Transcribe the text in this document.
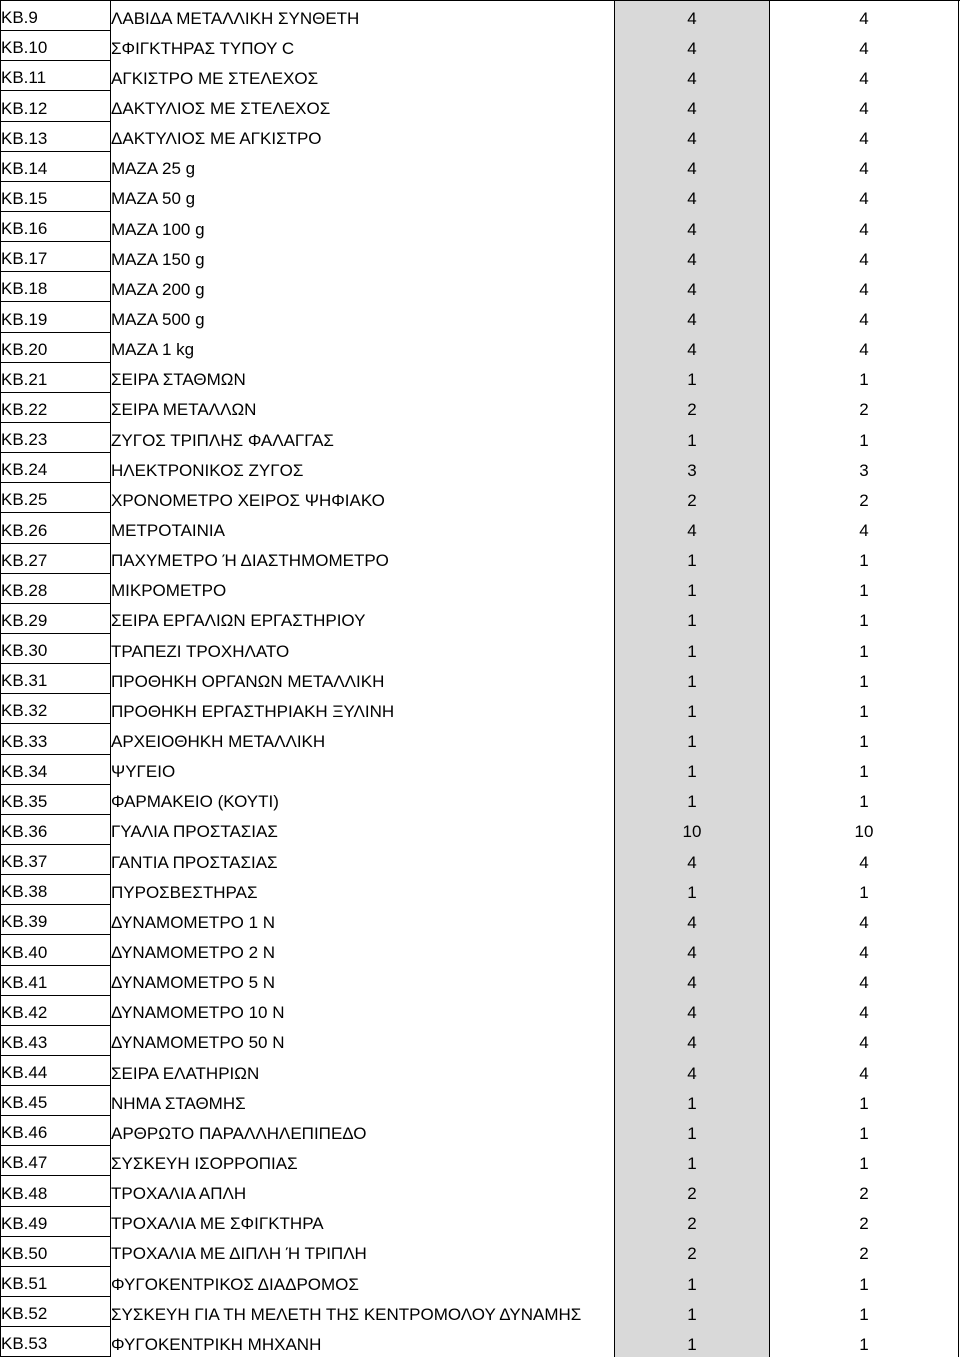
ΚΒ.9	ΛΑΒΙΔΑ ΜΕΤΑΛΛΙΚΗ ΣΥΝΘΕΤΗ	4	4
ΚΒ.10	ΣΦΙΓΚΤΗΡΑΣ ΤΥΠΟΥ C	4	4
ΚΒ.11	ΑΓΚΙΣΤΡΟ ΜΕ ΣΤΕΛΕΧΟΣ	4	4
ΚΒ.12	ΔΑΚΤΥΛΙΟΣ ΜΕ ΣΤΕΛΕΧΟΣ	4	4
ΚΒ.13	ΔΑΚΤΥΛΙΟΣ ΜΕ ΑΓΚΙΣΤΡΟ	4	4
ΚΒ.14	ΜΑΖΑ 25 g	4	4
ΚΒ.15	ΜΑΖΑ 50 g	4	4
ΚΒ.16	ΜΑΖΑ 100 g	4	4
ΚΒ.17	ΜΑΖΑ 150 g	4	4
ΚΒ.18	ΜΑΖΑ 200 g	4	4
ΚΒ.19	ΜΑΖΑ 500 g	4	4
ΚΒ.20	ΜΑΖΑ 1 kg	4	4
ΚΒ.21	ΣΕΙΡΑ ΣΤΑΘΜΩΝ	1	1
ΚΒ.22	ΣΕΙΡΑ ΜΕΤΑΛΛΩΝ	2	2
ΚΒ.23	ΖΥΓΟΣ ΤΡΙΠΛΗΣ ΦΑΛΑΓΓΑΣ	1	1
ΚΒ.24	ΗΛΕΚΤΡΟΝΙΚΟΣ ΖΥΓΟΣ	3	3
ΚΒ.25	ΧΡΟΝΟΜΕΤΡΟ ΧΕΙΡΟΣ ΨΗΦΙΑΚΟ	2	2
ΚΒ.26	ΜΕΤΡΟΤΑΙΝΙΑ	4	4
ΚΒ.27	ΠΑΧΥΜΕΤΡΟ Ή ΔΙΑΣΤΗΜΟΜΕΤΡΟ	1	1
ΚΒ.28	ΜΙΚΡΟΜΕΤΡΟ	1	1
ΚΒ.29	ΣΕΙΡΑ ΕΡΓΑΛΙΩΝ ΕΡΓΑΣΤΗΡΙΟΥ	1	1
ΚΒ.30	ΤΡΑΠΕΖΙ ΤΡΟΧΗΛΑΤΟ	1	1
ΚΒ.31	ΠΡΟΘΗΚΗ ΟΡΓΑΝΩΝ ΜΕΤΑΛΛΙΚΗ	1	1
ΚΒ.32	ΠΡΟΘΗΚΗ ΕΡΓΑΣΤΗΡΙΑΚΗ ΞΥΛΙΝΗ	1	1
ΚΒ.33	ΑΡΧΕΙΟΘΗΚΗ ΜΕΤΑΛΛΙΚΗ	1	1
ΚΒ.34	ΨΥΓΕΙΟ	1	1
ΚΒ.35	ΦΑΡΜΑΚΕΙΟ (ΚΟΥΤΙ)	1	1
ΚΒ.36	ΓΥΑΛΙΑ ΠΡΟΣΤΑΣΙΑΣ	10	10
ΚΒ.37	ΓΑΝΤΙΑ ΠΡΟΣΤΑΣΙΑΣ	4	4
ΚΒ.38	ΠΥΡΟΣΒΕΣΤΗΡΑΣ	1	1
ΚΒ.39	ΔΥΝΑΜΟΜΕΤΡΟ 1 Ν	4	4
ΚΒ.40	ΔΥΝΑΜΟΜΕΤΡΟ 2 Ν	4	4
ΚΒ.41	ΔΥΝΑΜΟΜΕΤΡΟ 5 Ν	4	4
ΚΒ.42	ΔΥΝΑΜΟΜΕΤΡΟ 10 Ν	4	4
ΚΒ.43	ΔΥΝΑΜΟΜΕΤΡΟ 50 Ν	4	4
ΚΒ.44	ΣΕΙΡΑ ΕΛΑΤΗΡΙΩΝ	4	4
ΚΒ.45	ΝΗΜΑ ΣΤΑΘΜΗΣ	1	1
ΚΒ.46	ΑΡΘΡΩΤΟ ΠΑΡΑΛΛΗΛΕΠΙΠΕΔΟ	1	1
ΚΒ.47	ΣΥΣΚΕΥΗ ΙΣΟΡΡΟΠΙΑΣ	1	1
ΚΒ.48	ΤΡΟΧΑΛΙΑ ΑΠΛΗ	2	2
ΚΒ.49	ΤΡΟΧΑΛΙΑ ΜΕ ΣΦΙΓΚΤΗΡΑ	2	2
ΚΒ.50	ΤΡΟΧΑΛΙΑ ΜΕ ΔΙΠΛΗ Ή ΤΡΙΠΛΗ	2	2
ΚΒ.51	ΦΥΓΟΚΕΝΤΡΙΚΟΣ ΔΙΑΔΡΟΜΟΣ	1	1
ΚΒ.52	ΣΥΣΚΕΥΗ ΓΙΑ ΤΗ ΜΕΛΕΤΗ ΤΗΣ ΚΕΝΤΡΟΜΟΛΟΥ ΔΥΝΑΜΗΣ	1	1
ΚΒ.53	ΦΥΓΟΚΕΝΤΡΙΚΗ ΜΗΧΑΝΗ	1	1
